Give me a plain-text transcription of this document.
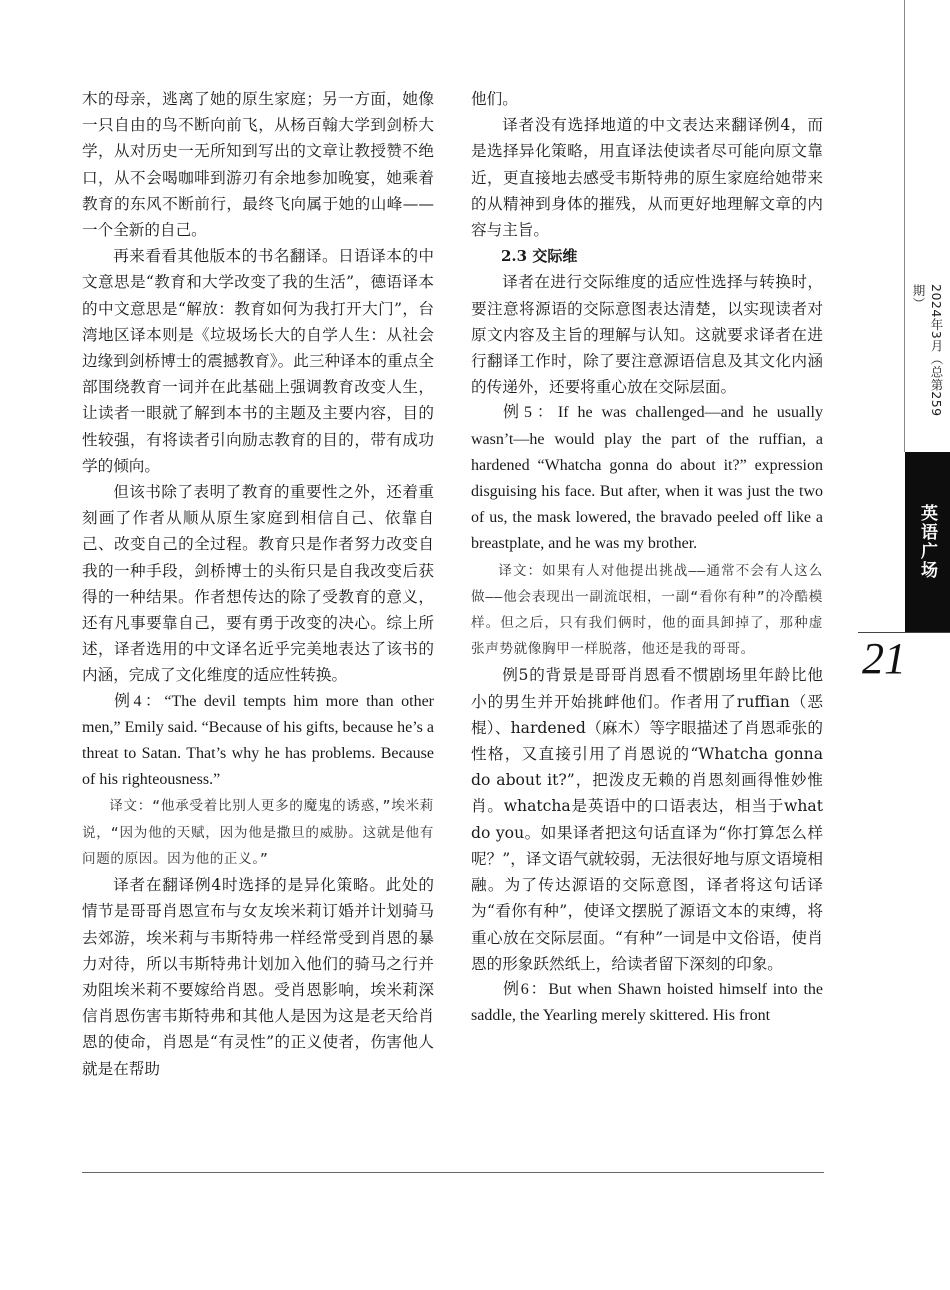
木的母亲，逃离了她的原生家庭；另一方面，她像一只自由的鸟不断向前飞，从杨百翰大学到剑桥大学，从对历史一无所知到写出的文章让教授赞不绝口，从不会喝咖啡到游刃有余地参加晚宴，她乘着教育的东风不断前行，最终飞向属于她的山峰——一个全新的自己。

再来看看其他版本的书名翻译。日语译本的中文意思是“教育和大学改变了我的生活”，德语译本的中文意思是“解放：教育如何为我打开大门”，台湾地区译本则是《垃圾场长大的自学人生：从社会边缘到剑桥博士的震撼教育》。此三种译本的重点全部围绕教育一词并在此基础上强调教育改变人生，让读者一眼就了解到本书的主题及主要内容，目的性较强，有将读者引向励志教育的目的，带有成功学的倾向。

但该书除了表明了教育的重要性之外，还着重刻画了作者从顺从原生家庭到相信自己、依靠自己、改变自己的全过程。教育只是作者努力改变自我的一种手段，剑桥博士的头衔只是自我改变后获得的一种结果。作者想传达的除了受教育的意义，还有凡事要靠自己，要有勇于改变的决心。综上所述，译者选用的中文译名近乎完美地表达了该书的内涵，完成了文化维度的适应性转换。

例4：“The devil tempts him more than other men,” Emily said. “Because of his gifts, because he’s a threat to Satan. That’s why he has problems. Because of his righteousness.”

译文：“他承受着比别人更多的魔鬼的诱惑，”埃米莉说，“因为他的天赋，因为他是撒旦的威胁。这就是他有问题的原因。因为他的正义。”

译者在翻译例4时选择的是异化策略。此处的情节是哥哥肖恩宣布与女友埃米莉订婚并计划骑马去郊游，埃米莉与韦斯特弗一样经常受到肖恩的暴力对待，所以韦斯特弗计划加入他们的骑马之行并劝阻埃米莉不要嫁给肖恩。受肖恩影响，埃米莉深信肖恩伤害韦斯特弗和其他人是因为这是老天给肖恩的使命，肖恩是“有灵性”的正义使者，伤害他人就是在帮助

他们。

译者没有选择地道的中文表达来翻译例4，而是选择异化策略，用直译法使读者尽可能向原文靠近，更直接地去感受韦斯特弗的原生家庭给她带来的从精神到身体的摧残，从而更好地理解文章的内容与主旨。

2.3 交际维

译者在进行交际维度的适应性选择与转换时，要注意将源语的交际意图表达清楚，以实现读者对原文内容及主旨的理解与认知。这就要求译者在进行翻译工作时，除了要注意源语信息及其文化内涵的传递外，还要将重心放在交际层面。

例5：If he was challenged—and he usually wasn’t—he would play the part of the ruffian, a hardened “Whatcha gonna do about it?” expression disguising his face. But after, when it was just the two of us, the mask lowered, the bravado peeled off like a breastplate, and he was my brother.

译文：如果有人对他提出挑战——通常不会有人这么做——他会表现出一副流氓相，一副“看你有种”的冷酷模样。但之后，只有我们俩时，他的面具卸掉了，那种虚张声势就像胸甲一样脱落，他还是我的哥哥。

例5的背景是哥哥肖恩看不惯剧场里年龄比他小的男生并开始挑衅他们。作者用了ruffian（恶棍）、hardened（麻木）等字眼描述了肖恩乖张的性格，又直接引用了肖恩说的“Whatcha gonna do about it?”，把泼皮无赖的肖恩刻画得惟妙惟肖。whatcha是英语中的口语表达，相当于what do you。如果译者把这句话直译为“你打算怎么样呢？”，译文语气就较弱，无法很好地与原文语境相融。为了传达源语的交际意图，译者将这句话译为“看你有种”，使译文摆脱了源语文本的束缚，将重心放在交际层面。“有种”一词是中文俗语，使肖恩的形象跃然纸上，给读者留下深刻的印象。

例6：But when Shawn hoisted himself into the saddle, the Yearling merely skittered. His front

2024年3月（总第259期）
英语广场
21
